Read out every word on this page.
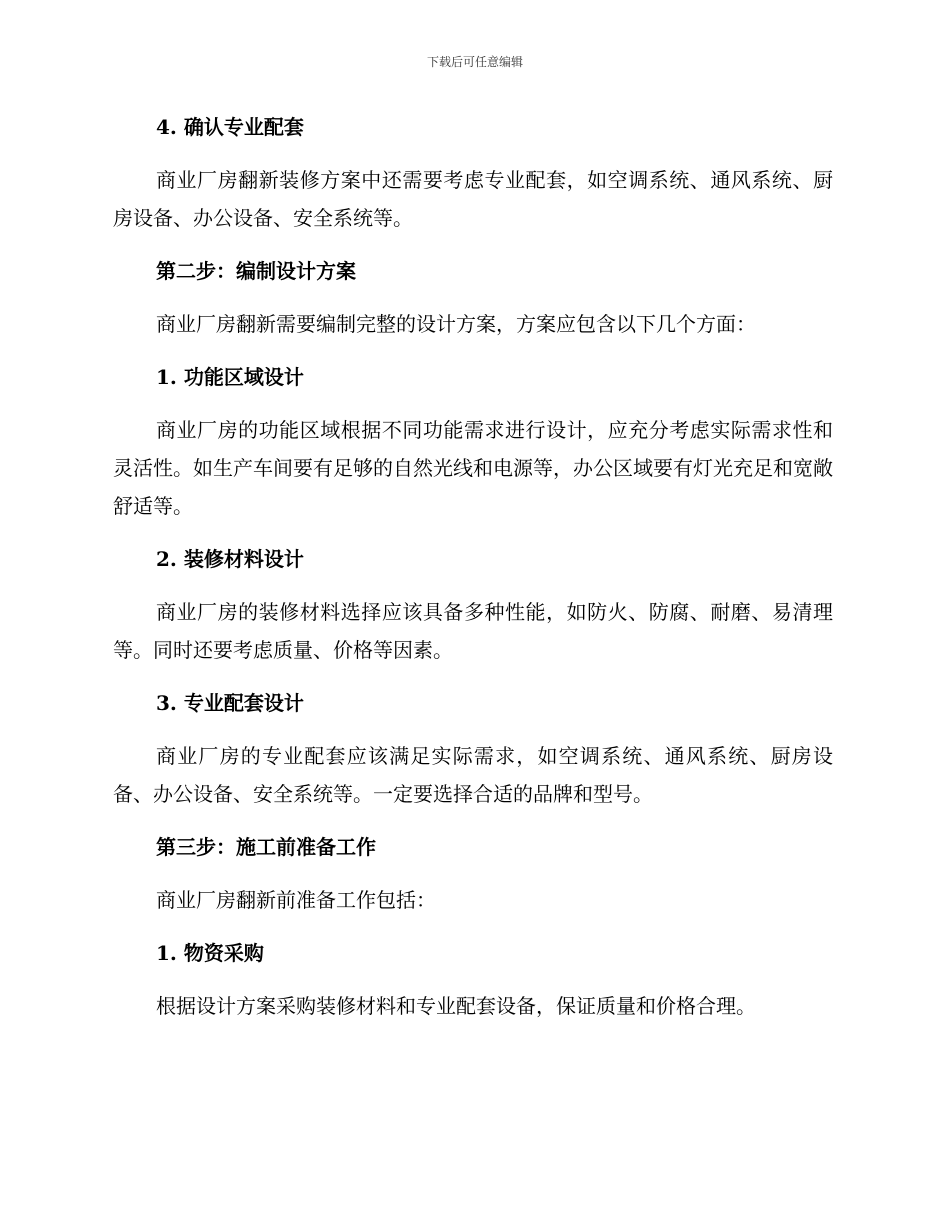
下载后可任意编辑

4. 确认专业配套

商业厂房翻新装修方案中还需要考虑专业配套，如空调系统、通风系统、厨房设备、办公设备、安全系统等。

第二步：编制设计方案

商业厂房翻新需要编制完整的设计方案，方案应包含以下几个方面：

1. 功能区域设计

商业厂房的功能区域根据不同功能需求进行设计，应充分考虑实际需求性和灵活性。如生产车间要有足够的自然光线和电源等，办公区域要有灯光充足和宽敞舒适等。

2. 装修材料设计

商业厂房的装修材料选择应该具备多种性能，如防火、防腐、耐磨、易清理等。同时还要考虑质量、价格等因素。

3. 专业配套设计

商业厂房的专业配套应该满足实际需求，如空调系统、通风系统、厨房设备、办公设备、安全系统等。一定要选择合适的品牌和型号。

第三步：施工前准备工作

商业厂房翻新前准备工作包括：

1. 物资采购

根据设计方案采购装修材料和专业配套设备，保证质量和价格合理。
